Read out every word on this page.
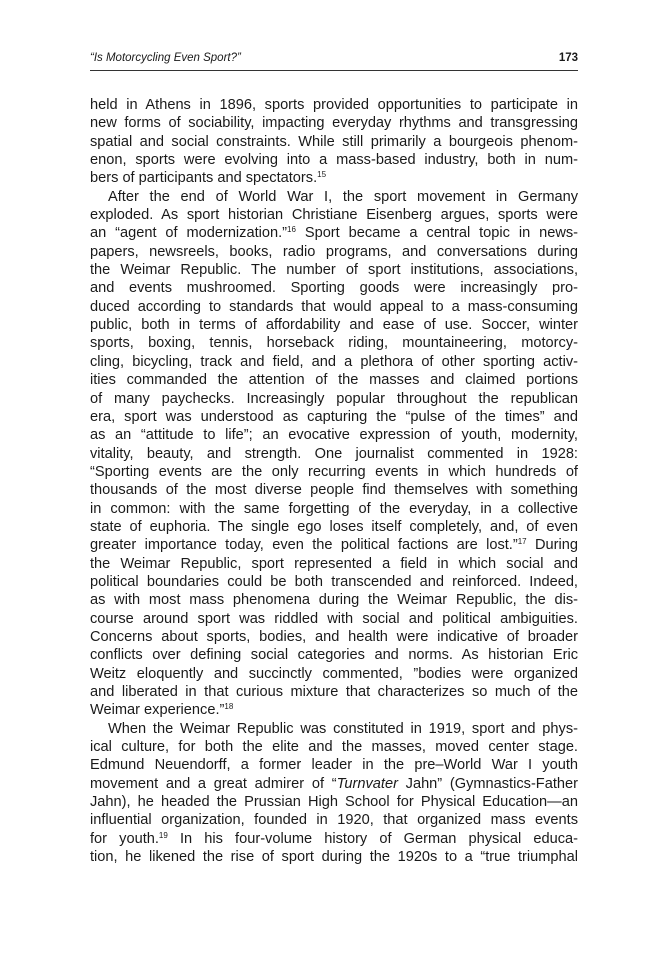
“Is Motorcycling Even Sport?”	173
held in Athens in 1896, sports provided opportunities to participate in
new forms of sociability, impacting everyday rhythms and transgressing
spatial and social constraints. While still primarily a bourgeois phenom-
enon, sports were evolving into a mass-based industry, both in num-
bers of participants and spectators.$^{15}$
After the end of World War I, the sport movement in Germany
exploded. As sport historian Christiane Eisenberg argues, sports were
an “agent of modernization.”$^{16}$ Sport became a central topic in news-
papers, newsreels, books, radio programs, and conversations during
the Weimar Republic. The number of sport institutions, associations,
and events mushroomed. Sporting goods were increasingly pro-
duced according to standards that would appeal to a mass-consuming
public, both in terms of affordability and ease of use. Soccer, winter
sports, boxing, tennis, horseback riding, mountaineering, motorcy-
cling, bicycling, track and field, and a plethora of other sporting activ-
ities commanded the attention of the masses and claimed portions
of many paychecks. Increasingly popular throughout the republican
era, sport was understood as capturing the “pulse of the times” and
as an “attitude to life”; an evocative expression of youth, modernity,
vitality, beauty, and strength. One journalist commented in 1928:
“Sporting events are the only recurring events in which hundreds of
thousands of the most diverse people find themselves with something
in common: with the same forgetting of the everyday, in a collective
state of euphoria. The single ego loses itself completely, and, of even
greater importance today, even the political factions are lost.”$^{17}$ During
the Weimar Republic, sport represented a field in which social and
political boundaries could be both transcended and reinforced. Indeed,
as with most mass phenomena during the Weimar Republic, the dis-
course around sport was riddled with social and political ambiguities.
Concerns about sports, bodies, and health were indicative of broader
conflicts over defining social categories and norms. As historian Eric
Weitz eloquently and succinctly commented, ”bodies were organized
and liberated in that curious mixture that characterizes so much of the
Weimar experience.”$^{18}$
When the Weimar Republic was constituted in 1919, sport and phys-
ical culture, for both the elite and the masses, moved center stage.
Edmund Neuendorff, a former leader in the pre–World War I youth
movement and a great admirer of “Turnvater Jahn” (Gymnastics-Father
Jahn), he headed the Prussian High School for Physical Education—an
influential organization, founded in 1920, that organized mass events
for youth.$^{19}$ In his four-volume history of German physical educa-
tion, he likened the rise of sport during the 1920s to a “true triumphal
